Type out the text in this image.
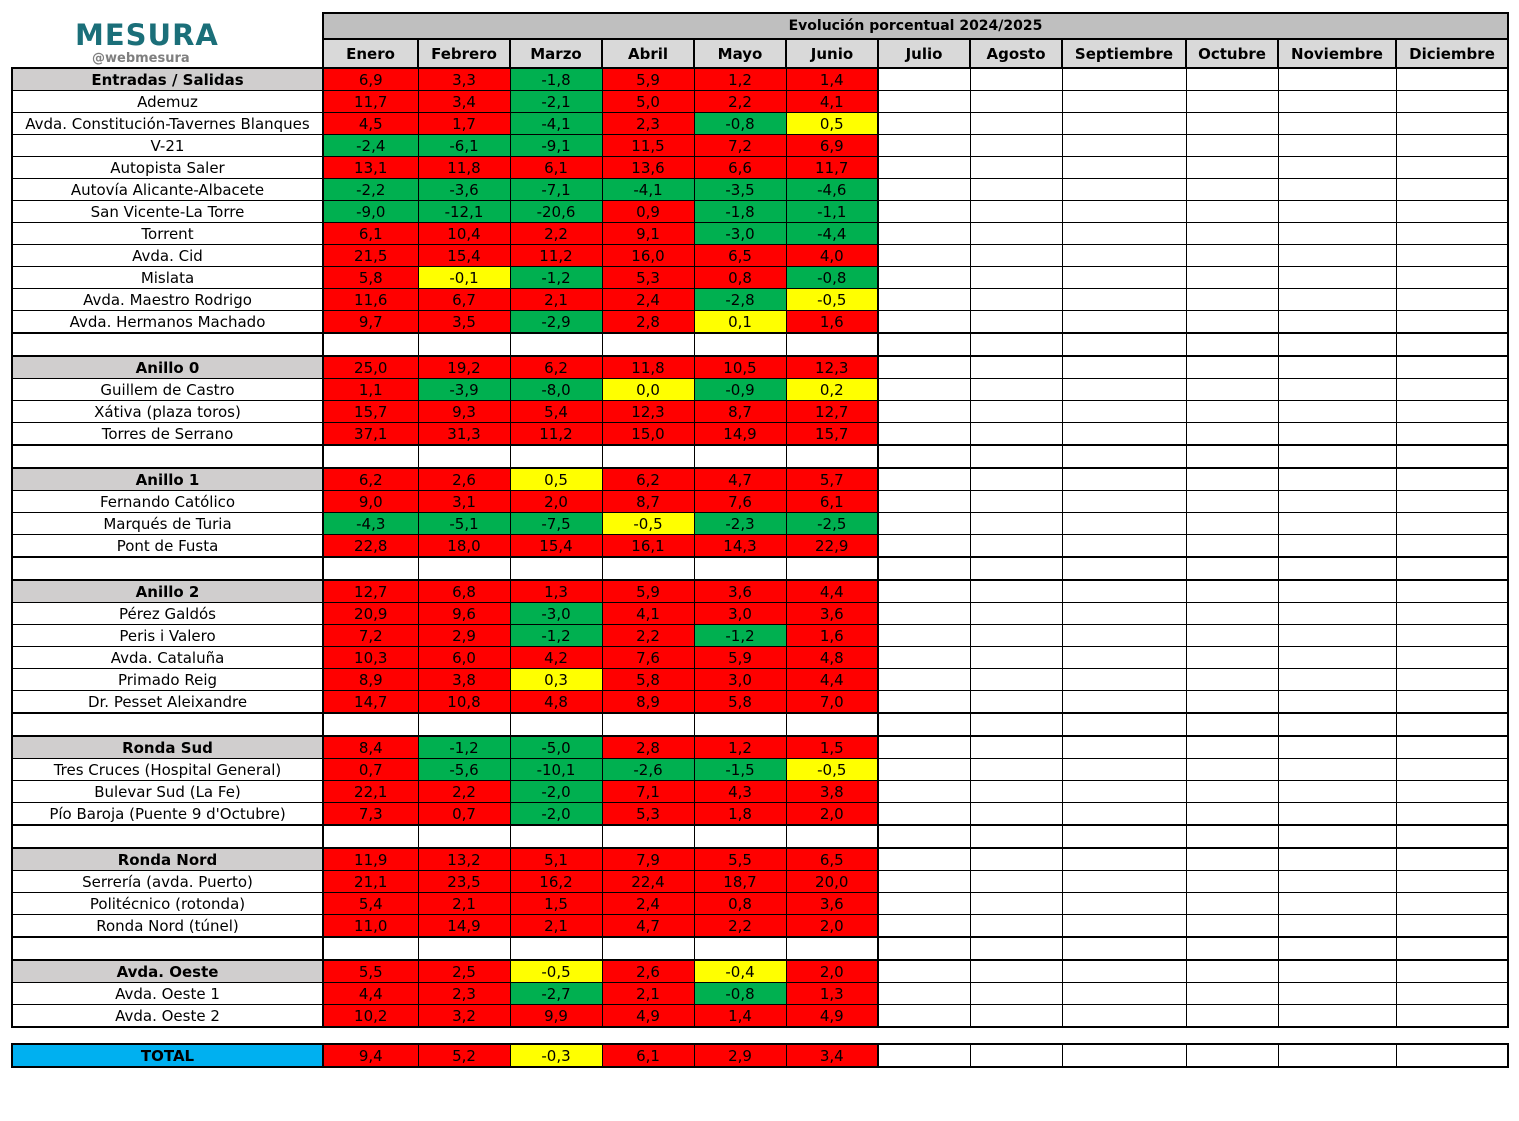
MESURA
@webmesura
	Evolución porcentual 2024/2025											
	Enero	Febrero	Marzo	Abril	Mayo	Junio	Julio	Agosto	Septiembre	Octubre	Noviembre	Diciembre
Entradas / Salidas	6,9	3,3	-1,8	5,9	1,2	1,4						
Ademuz	11,7	3,4	-2,1	5,0	2,2	4,1						
Avda. Constitución-Tavernes Blanques	4,5	1,7	-4,1	2,3	-0,8	0,5						
V-21	-2,4	-6,1	-9,1	11,5	7,2	6,9						
Autopista Saler	13,1	11,8	6,1	13,6	6,6	11,7						
Autovía Alicante-Albacete	-2,2	-3,6	-7,1	-4,1	-3,5	-4,6						
San Vicente-La Torre	-9,0	-12,1	-20,6	0,9	-1,8	-1,1						
Torrent	6,1	10,4	2,2	9,1	-3,0	-4,4						
Avda. Cid	21,5	15,4	11,2	16,0	6,5	4,0						
Mislata	5,8	-0,1	-1,2	5,3	0,8	-0,8						
Avda. Maestro Rodrigo	11,6	6,7	2,1	2,4	-2,8	-0,5						
Avda. Hermanos Machado	9,7	3,5	-2,9	2,8	0,1	1,6						

Anillo 0	25,0	19,2	6,2	11,8	10,5	12,3						
Guillem de Castro	1,1	-3,9	-8,0	0,0	-0,9	0,2						
Xátiva (plaza toros)	15,7	9,3	5,4	12,3	8,7	12,7						
Torres de Serrano	37,1	31,3	11,2	15,0	14,9	15,7						

Anillo 1	6,2	2,6	0,5	6,2	4,7	5,7						
Fernando Católico	9,0	3,1	2,0	8,7	7,6	6,1						
Marqués de Turia	-4,3	-5,1	-7,5	-0,5	-2,3	-2,5						
Pont de Fusta	22,8	18,0	15,4	16,1	14,3	22,9						

Anillo 2	12,7	6,8	1,3	5,9	3,6	4,4						
Pérez Galdós	20,9	9,6	-3,0	4,1	3,0	3,6						
Peris i Valero	7,2	2,9	-1,2	2,2	-1,2	1,6						
Avda. Cataluña	10,3	6,0	4,2	7,6	5,9	4,8						
Primado Reig	8,9	3,8	0,3	5,8	3,0	4,4						
Dr. Pesset Aleixandre	14,7	10,8	4,8	8,9	5,8	7,0						

Ronda Sud	8,4	-1,2	-5,0	2,8	1,2	1,5						
Tres Cruces (Hospital General)	0,7	-5,6	-10,1	-2,6	-1,5	-0,5						
Bulevar Sud (La Fe)	22,1	2,2	-2,0	7,1	4,3	3,8						
Pío Baroja (Puente 9 d'Octubre)	7,3	0,7	-2,0	5,3	1,8	2,0						

Ronda Nord	11,9	13,2	5,1	7,9	5,5	6,5						
Serrería (avda. Puerto)	21,1	23,5	16,2	22,4	18,7	20,0						
Politécnico (rotonda)	5,4	2,1	1,5	2,4	0,8	3,6						
Ronda Nord (túnel)	11,0	14,9	2,1	4,7	2,2	2,0						

Avda. Oeste	5,5	2,5	-0,5	2,6	-0,4	2,0						
Avda. Oeste 1	4,4	2,3	-2,7	2,1	-0,8	1,3						
Avda. Oeste 2	10,2	3,2	9,9	4,9	1,4	4,9						

TOTAL	9,4	5,2	-0,3	6,1	2,9	3,4						
